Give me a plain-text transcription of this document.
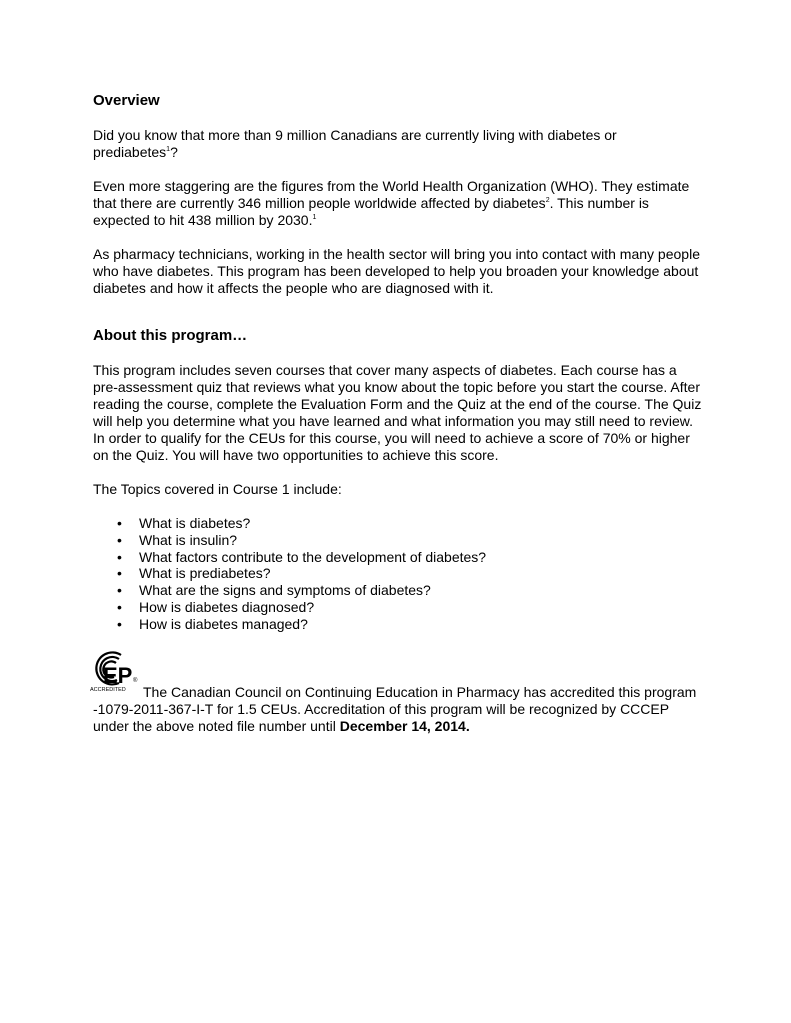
Overview

Did you know that more than 9 million Canadians are currently living with diabetes or prediabetes$^1$?

Even more staggering are the figures from the World Health Organization (WHO). They estimate that there are currently 346 million people worldwide affected by diabetes$^2$. This number is expected to hit 438 million by 2030.$^1$

As pharmacy technicians, working in the health sector will bring you into contact with many people who have diabetes. This program has been developed to help you broaden your knowledge about diabetes and how it affects the people who are diagnosed with it.

About this program…

This program includes seven courses that cover many aspects of diabetes. Each course has a pre-assessment quiz that reviews what you know about the topic before you start the course. After reading the course, complete the Evaluation Form and the Quiz at the end of the course. The Quiz will help you determine what you have learned and what information you may still need to review. In order to qualify for the CEUs for this course, you will need to achieve a score of 70% or higher on the Quiz. You will have two opportunities to achieve this score.

The Topics covered in Course 1 include:

• What is diabetes?
• What is insulin?
• What factors contribute to the development of diabetes?
• What is prediabetes?
• What are the signs and symptoms of diabetes?
• How is diabetes diagnosed?
• How is diabetes managed?
EP ®
ACCREDITED	The Canadian Council on Continuing Education in Pharmacy has accredited this program -1079-2011-367-I-T for 1.5 CEUs. Accreditation of this program will be recognized by CCCEP under the above noted file number until December 14, 2014.
